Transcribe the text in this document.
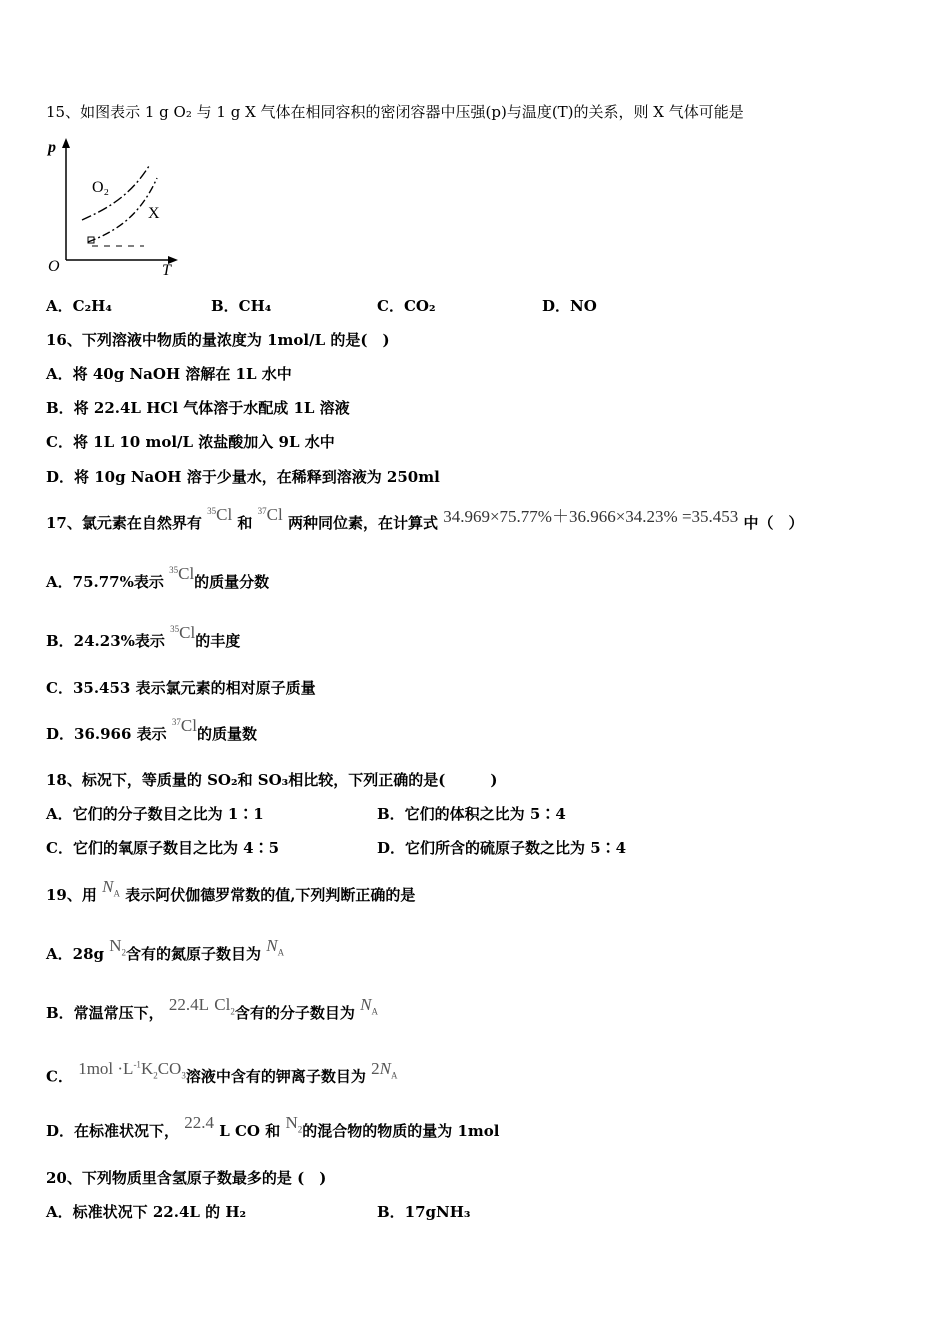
15、如图表示 1 g O₂ 与 1 g X 气体在相同容积的密闭容器中压强(p)与温度(T)的关系，则 X 气体可能是
p
O	T
O₂
X
A．C₂H₄	B．CH₄	C．CO₂	D．NO
16、下列溶液中物质的量浓度为 1mol/L 的是(　)
A．将 40g NaOH 溶解在 1L 水中
B．将 22.4L HCl 气体溶于水配成 1L 溶液
C．将 1L 10 mol/L 浓盐酸加入 9L 水中
D．将 10g NaOH 溶于少量水，在稀释到溶液为 250ml
17、氯元素在自然界有 $^{35}$Cl 和 $^{37}$Cl 两种同位素，在计算式 34.969×75.77%＋36.966×34.23% =35.453 中（　）
A．75.77%表示 $^{35}$Cl的质量分数
B．24.23%表示 $^{35}$Cl的丰度
C．35.453 表示氯元素的相对原子质量
D．36.966 表示 $^{37}$Cl的质量数
18、标况下，等质量的 SO₂和 SO₃相比较，下列正确的是(　　　)
A．它们的分子数目之比为 1∶1	B．它们的体积之比为 5∶4
C．它们的氧原子数目之比为 4∶5	D．它们所含的硫原子数之比为 5∶4
19、用 $N_A$ 表示阿伏伽德罗常数的值,下列判断正确的是
A．28g $N_2$含有的氮原子数目为 $N_A$
B．常温常压下， 22.4L $Cl_2$含有的分子数目为 $N_A$
C． $1mol \cdot L^{-1}K_2CO_3$溶液中含有的钾离子数目为 $2N_A$
D．在标准状况下， 22.4 L CO 和 $N_2$的混合物的物质的量为 1mol
20、下列物质里含氢原子数最多的是 (　)
A．标准状况下 22.4L 的 H₂	B．17gNH₃
